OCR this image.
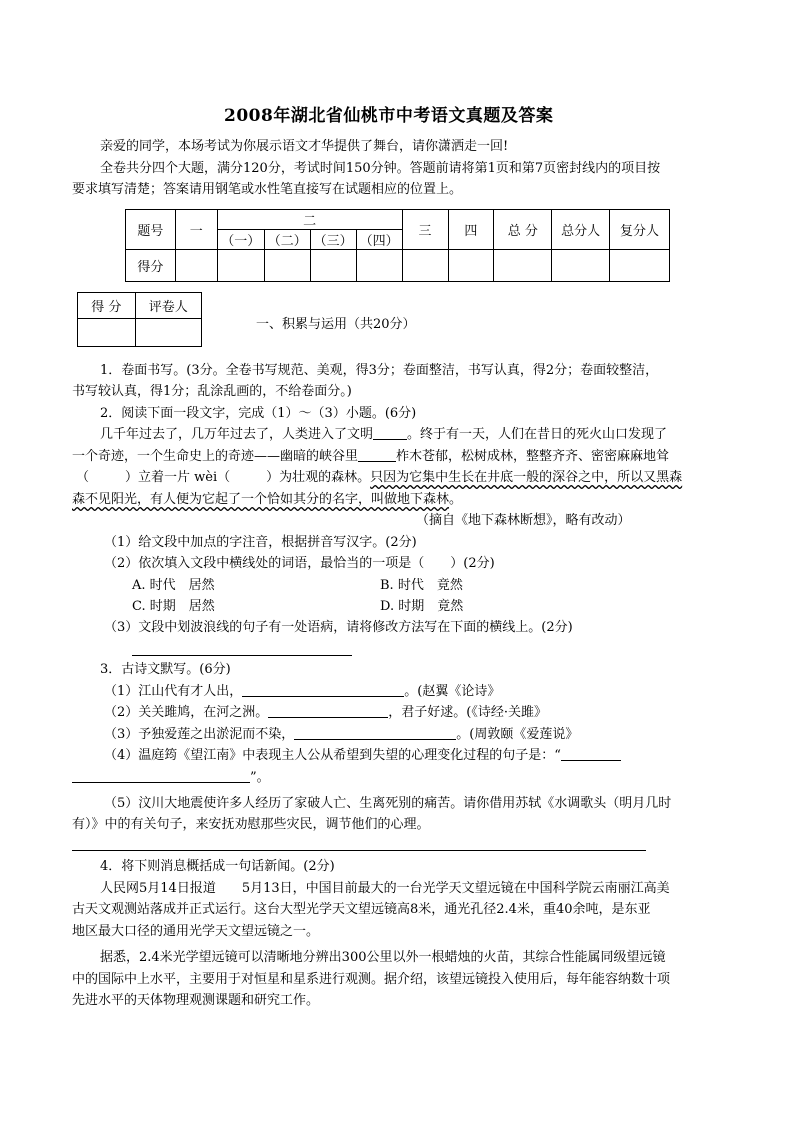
2008年湖北省仙桃市中考语文真题及答案
亲爱的同学，本场考试为你展示语文才华提供了舞台，请你潇洒走一回!
全卷共分四个大题，满分120分，考试时间150分钟。答题前请将第1页和第7页密封线内的项目按
要求填写清楚；答案请用钢笔或水性笔直接写在试题相应的位置上。
题号	一	二				三	四	总 分	总分人	复分人
		（一）	（二）	（三）	（四）					
得分										
得 分	评卷人

一、积累与运用（共20分）
1．卷面书写。(3分。全卷书写规范、美观，得3分；卷面整洁，书写认真，得2分；卷面较整洁，
书写较认真，得1分；乱涂乱画的，不给卷面分。)
2．阅读下面一段文字，完成（1）～（3）小题。(6分)
几千年过去了，几万年过去了，人类进入了文明	。终于有一天，人们在昔日的死火山口发现了
一个奇迹，一个生命史上的奇迹——幽暗的峡谷里	柞木苍郁，松树成林，整整齐齐、密密麻麻地耸
（	）立着一片 wèi（	）为壮观的森林。只因为它集中生长在井底一般的深谷之中，所以又黑森
森不见阳光，有人便为它起了一个恰如其分的名字，叫做地下森林。
（摘自《地下森林断想》，略有改动）
（1）给文段中加点的字注音，根据拼音写汉字。(2分)
（2）依次填入文段中横线处的词语，最恰当的一项是（　　）(2分)
A. 时代　居然	B. 时代　竟然
C. 时期　居然	D. 时期　竟然
（3）文段中划波浪线的句子有一处语病，请将修改方法写在下面的横线上。(2分)
3．古诗文默写。(6分)
（1）江山代有才人出，	。(赵翼《论诗》
（2）关关雎鸠，在河之洲。	，君子好逑。(《诗经·关雎》
（3）予独爱莲之出淤泥而不染，	。(周敦颐《爱莲说》
（4）温庭筠《望江南》中表现主人公从希望到失望的心理变化过程的句子是：“
”。
（5）汶川大地震使许多人经历了家破人亡、生离死别的痛苦。请你借用苏轼《水调歌头（明月几时
有）》中的有关句子，来安抚劝慰那些灾民，调节他们的心理。
4．将下则消息概括成一句话新闻。(2分)
人民网5月14日报道　　5月13日，中国目前最大的一台光学天文望远镜在中国科学院云南丽江高美
古天文观测站落成并正式运行。这台大型光学天文望远镜高8米，通光孔径2.4米，重40余吨，是东亚
地区最大口径的通用光学天文望远镜之一。
据悉，2.4米光学望远镜可以清晰地分辨出300公里以外一根蜡烛的火苗，其综合性能属同级望远镜
中的国际中上水平，主要用于对恒星和星系进行观测。据介绍，该望远镜投入使用后，每年能容纳数十项
先进水平的天体物理观测课题和研究工作。
